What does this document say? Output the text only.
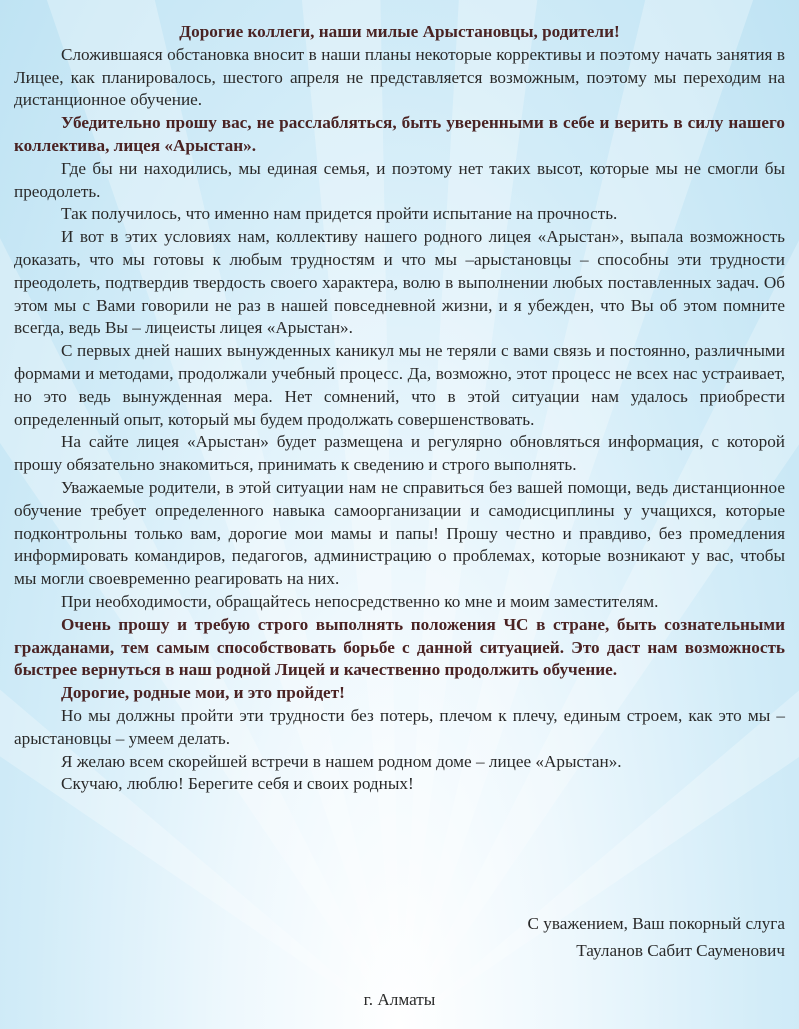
Дорогие коллеги, наши милые Арыстановцы, родители!

Сложившаяся обстановка вносит в наши планы некоторые коррективы и поэтому начать занятия в Лицее, как планировалось, шестого апреля не представляется возможным, поэтому мы переходим на дистанционное обучение.

Убедительно прошу вас, не расслабляться, быть уверенными в себе и верить в силу нашего коллектива, лицея «Арыстан».

Где бы ни находились, мы единая семья, и поэтому нет таких высот, которые мы не смогли бы преодолеть.

Так получилось, что именно нам придется пройти испытание на прочность.

И вот в этих условиях нам, коллективу нашего родного лицея «Арыстан», выпала возможность доказать, что мы готовы к любым трудностям и что мы –арыстановцы – способны эти трудности преодолеть, подтвердив твердость своего характера, волю в выполнении любых поставленных задач. Об этом мы с Вами говорили не раз в нашей повседневной жизни, и я убежден, что Вы об этом помните всегда, ведь Вы – лицеисты лицея «Арыстан».

С первых дней наших вынужденных каникул мы не теряли с вами связь и постоянно, различными формами и методами, продолжали учебный процесс. Да, возможно, этот процесс не всех нас устраивает, но это ведь вынужденная мера. Нет сомнений, что в этой ситуации нам удалось приобрести определенный опыт, который мы будем продолжать совершенствовать.

На сайте лицея «Арыстан» будет размещена и регулярно обновляться информация, с которой прошу обязательно знакомиться, принимать к сведению и строго выполнять.

Уважаемые родители, в этой ситуации нам не справиться без вашей помощи, ведь дистанционное обучение требует определенного навыка самоорганизации и самодисциплины у учащихся, которые подконтрольны только вам, дорогие мои мамы и папы! Прошу честно и правдиво, без промедления информировать командиров, педагогов, администрацию о проблемах, которые возникают у вас, чтобы мы могли своевременно реагировать на них.

При необходимости, обращайтесь непосредственно ко мне и моим заместителям.

Очень прошу и требую строго выполнять положения ЧС в стране, быть сознательными гражданами, тем самым способствовать борьбе с данной ситуацией. Это даст нам возможность быстрее вернуться в наш родной Лицей и качественно продолжить обучение.

Дорогие, родные мои, и это пройдет!

Но мы должны пройти эти трудности без потерь, плечом к плечу, единым строем, как это мы – арыстановцы – умеем делать.

Я желаю всем скорейшей встречи в нашем родном доме – лицее «Арыстан».

Скучаю, люблю! Берегите себя и своих родных!

С уважением, Ваш покорный слуга
Тауланов Сабит Сауменович
г. Алматы
